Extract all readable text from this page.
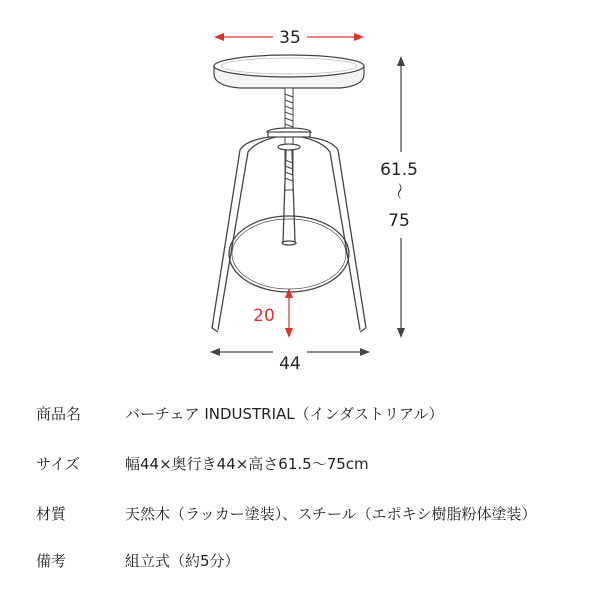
35
20
61.5
〜
75
44
商品名	バーチェア INDUSTRIAL（インダストリアル）
サイズ	幅44×奥行き44×高さ61.5〜75cm
材質	天然木（ラッカー塗装）、スチール（エポキシ樹脂粉体塗装）
備考	組立式（約5分）
